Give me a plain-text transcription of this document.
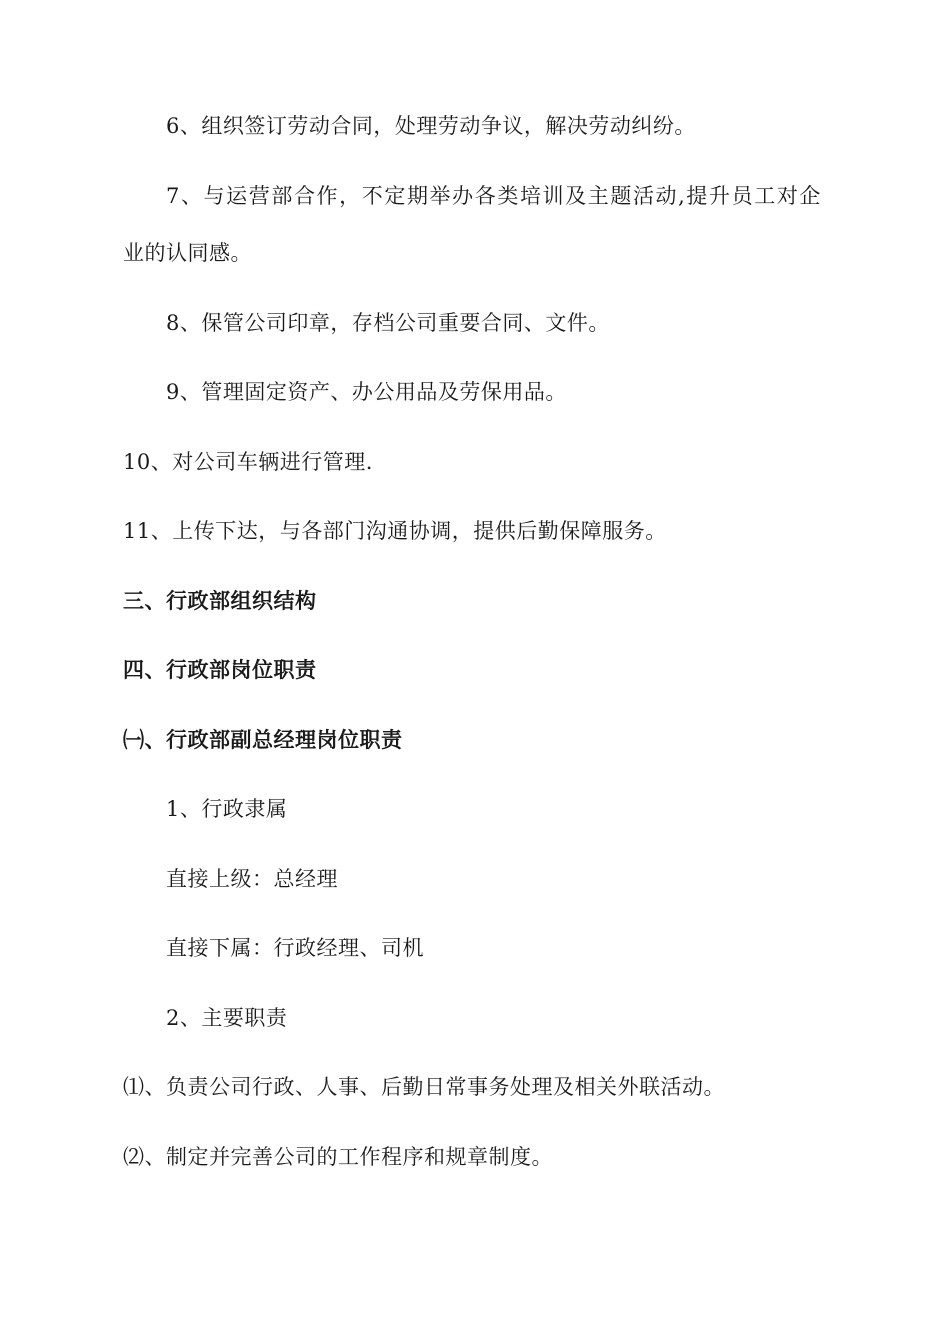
6、组织签订劳动合同，处理劳动争议，解决劳动纠纷。
7、与运营部合作，不定期举办各类培训及主题活动,提升员工对企
业的认同感。
8、保管公司印章，存档公司重要合同、文件。
9、管理固定资产、办公用品及劳保用品。
10、对公司车辆进行管理.
11、上传下达，与各部门沟通协调，提供后勤保障服务。
三、行政部组织结构
四、行政部岗位职责
㈠、行政部副总经理岗位职责
1、行政隶属
直接上级：总经理
直接下属：行政经理、司机
2、主要职责
⑴、负责公司行政、人事、后勤日常事务处理及相关外联活动。
⑵、制定并完善公司的工作程序和规章制度。
